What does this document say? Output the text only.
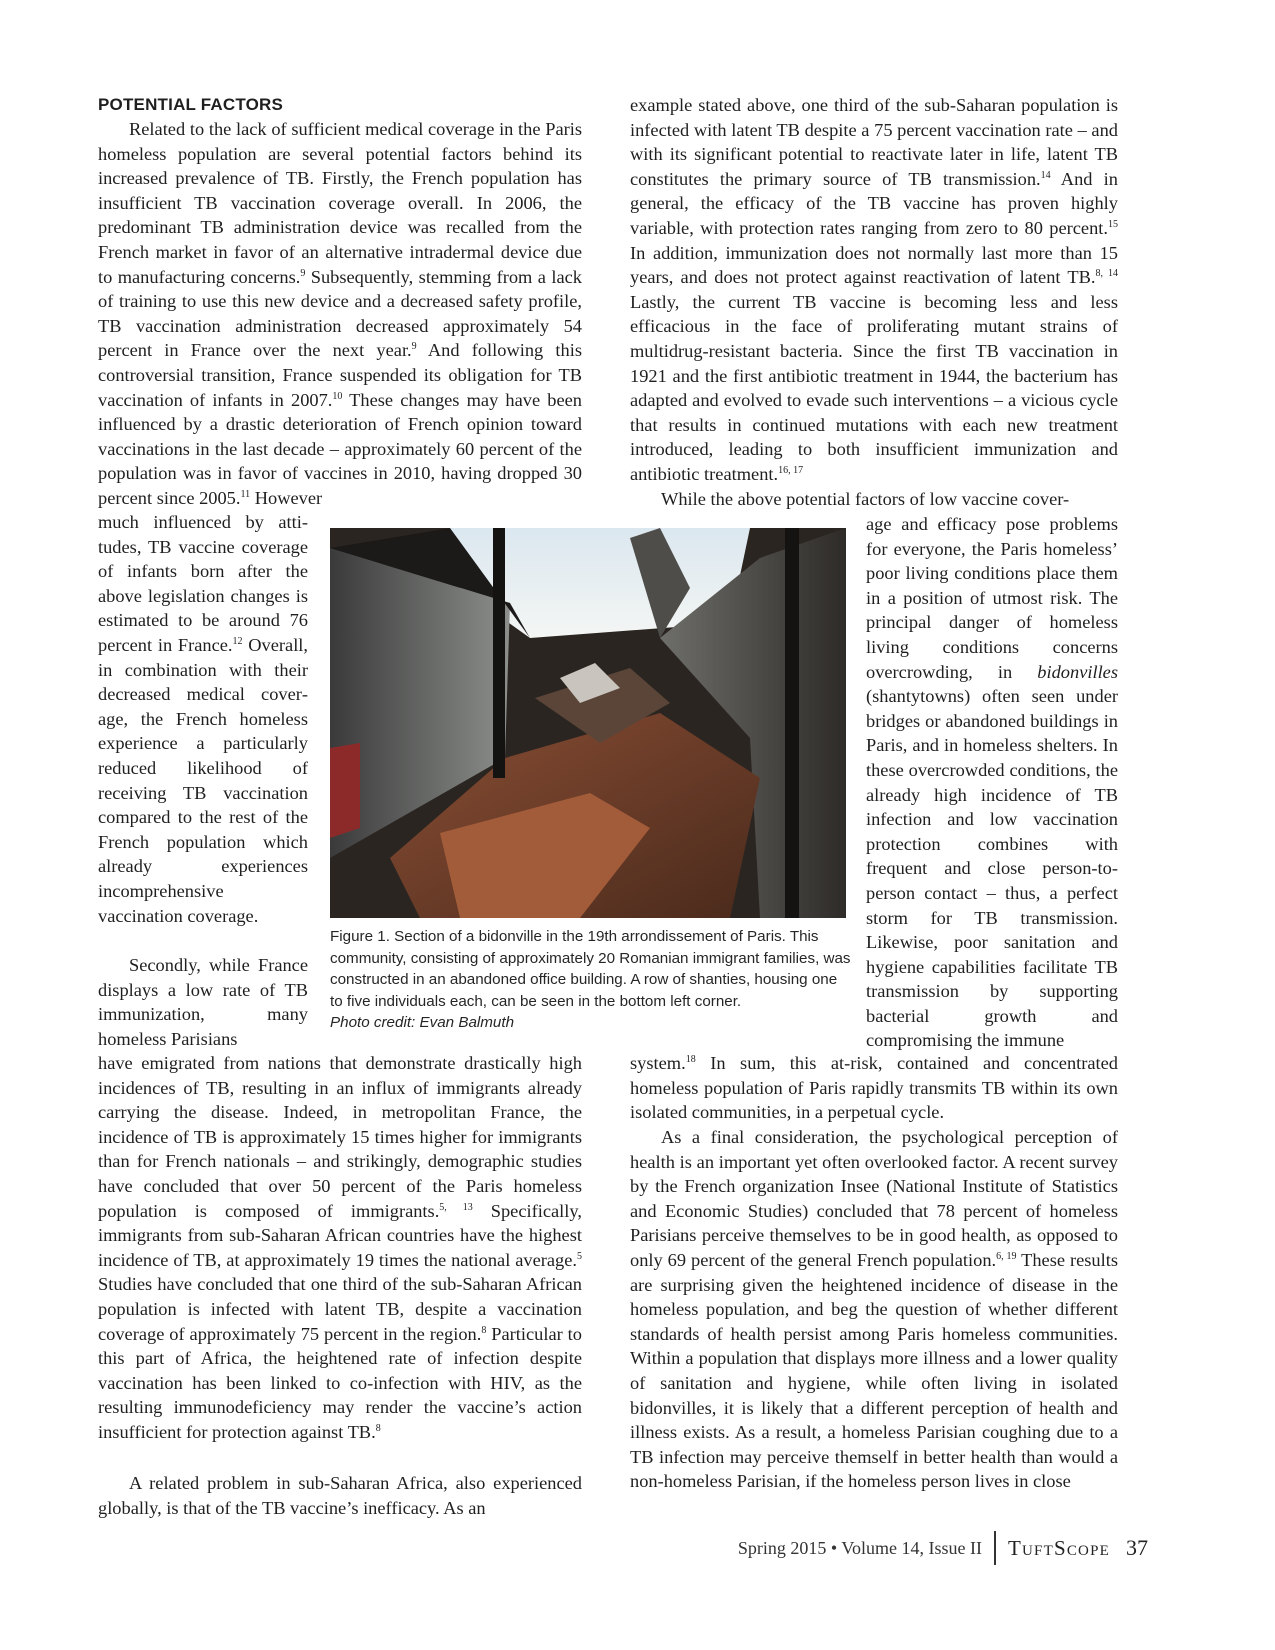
POTENTIAL FACTORS

Related to the lack of sufficient medical coverage in the Paris homeless population are several potential factors behind its increased prevalence of TB. Firstly, the French population has insufficient TB vaccination coverage overall. In 2006, the predominant TB administration device was recalled from the French market in favor of an alternative intradermal device due to manufacturing concerns.$^9$ Subsequently, stemming from a lack of training to use this new device and a decreased safety profile, TB vaccination administration decreased approximately 54 percent in France over the next year.$^9$ And following this controversial transition, France suspended its obligation for TB vaccination of infants in 2007.10 These changes may have been influenced by a drastic deterioration of French opinion toward vaccinations in the last decade – approximately 60 percent of the population was in favor of vaccines in 2010, having dropped 30 percent since 2005.11 However

much influenced by attitudes, TB vaccine coverage of infants born after the above legislation changes is estimated to be around 76 percent in France.$^{12}$ Overall, in combination with their decreased medical coverage, the French homeless experience a particularly reduced likelihood of receiving TB vaccination compared to the rest of the French population which already experiences incomprehensive vaccination coverage.

Secondly, while France displays a low rate of TB immunization, many homeless Parisians

have emigrated from nations that demonstrate drastically high incidences of TB, resulting in an influx of immigrants already carrying the disease. Indeed, in metropolitan France, the incidence of TB is approximately 15 times higher for immigrants than for French nationals – and strikingly, demographic studies have concluded that over 50 percent of the Paris homeless population is composed of immigrants.$^{5, 13}$ Specifically, immigrants from sub-Saharan African countries have the highest incidence of TB, at approximately 19 times the national average.$^5$ Studies have concluded that one third of the sub-Saharan African population is infected with latent TB, despite a vaccination coverage of approximately 75 percent in the region.$^8$ Particular to this part of Africa, the heightened rate of infection despite vaccination has been linked to co-infection with HIV, as the resulting immunodeficiency may render the vaccine’s action insufficient for protection against TB.$^8$

A related problem in sub-Saharan Africa, also experienced globally, is that of the TB vaccine’s inefficacy. As an

example stated above, one third of the sub-Saharan population is infected with latent TB despite a 75 percent vaccination rate – and with its significant potential to reactivate later in life, latent TB constitutes the primary source of TB transmission.$^{14}$ And in general, the efficacy of the TB vaccine has proven highly variable, with protection rates ranging from zero to 80 percent.$^{15}$ In addition, immunization does not normally last more than 15 years, and does not protect against reactivation of latent TB.$^{8, 14}$ Lastly, the current TB vaccine is becoming less and less efficacious in the face of proliferating mutant strains of multidrug-resistant bacteria. Since the first TB vaccination in 1921 and the first antibiotic treatment in 1944, the bacterium has adapted and evolved to evade such interventions – a vicious cycle that results in continued mutations with each new treatment introduced, leading to both insufficient immunization and antibiotic treatment.$^{16, 17}$

While the above potential factors of low vaccine cover-

age and efficacy pose problems for everyone, the Paris homeless’ poor living conditions place them in a position of utmost risk. The principal danger of homeless living conditions concerns overcrowding, in bidonvilles (shantytowns) often seen under bridges or abandoned buildings in Paris, and in homeless shelters. In these overcrowded conditions, the already high incidence of TB infection and low vaccination protection combines with frequent and close person-to-person contact – thus, a perfect storm for TB transmission. Likewise, poor sanitation and hygiene capabilities facilitate TB transmission by supporting bacterial growth and compromising the immune

system.$^{18}$ In sum, this at-risk, contained and concentrated homeless population of Paris rapidly transmits TB within its own isolated communities, in a perpetual cycle.

As a final consideration, the psychological perception of health is an important yet often overlooked factor. A recent survey by the French organization Insee (National Institute of Statistics and Economic Studies) concluded that 78 percent of homeless Parisians perceive themselves to be in good health, as opposed to only 69 percent of the general French population.$^{6, 19}$ These results are surprising given the heightened incidence of disease in the homeless population, and beg the question of whether different standards of health persist among Paris homeless communities. Within a population that displays more illness and a lower quality of sanitation and hygiene, while often living in isolated bidonvilles, it is likely that a different perception of health and illness exists. As a result, a homeless Parisian coughing due to a TB infection may perceive themself in better health than would a non-homeless Parisian, if the homeless person lives in close

Figure 1. Section of a bidonville in the 19th arrondissement of Paris. This community, consisting of approximately 20 Romanian immigrant families, was constructed in an abandoned office building. A row of shanties, housing one to five individuals each, can be seen in the bottom left corner.
Photo credit: Evan Balmuth

Spring 2015 • Volume 14, Issue II TuftScope 37
